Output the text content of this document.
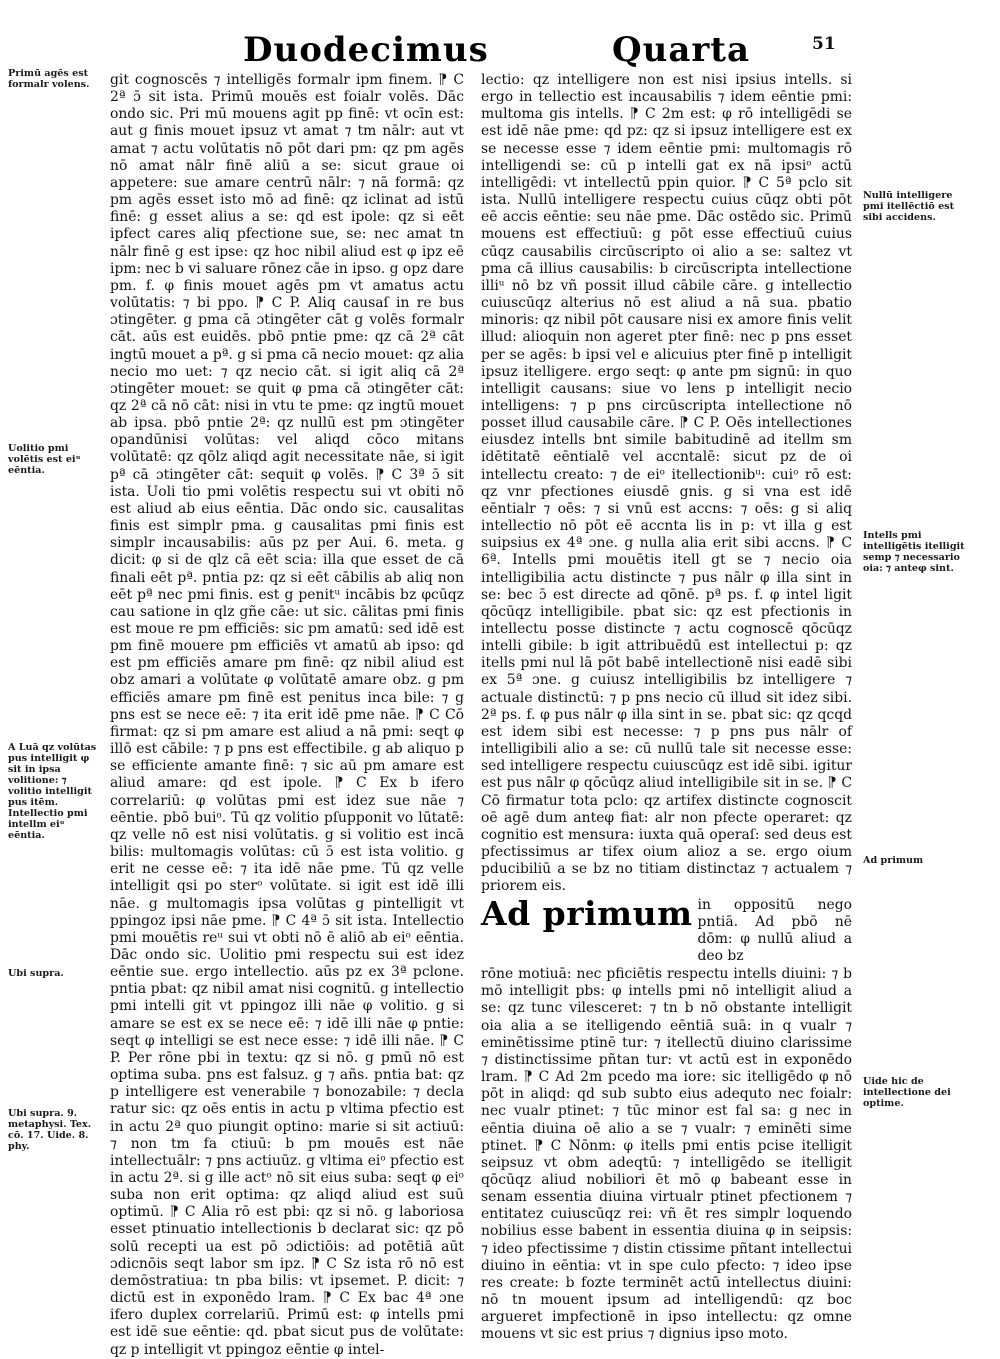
Duodecimus	Quarta	51
Primū agēs est formalr volens.
Uolitio pmi volētis est eiᵘ eēntia.
A Luā qz volūtas pus intelligit φ sit in ipsa volitione: ⁊ volitio intelligit pus itēm. Intellectio pmi intellm eiᵘ eēntia.
Ubi supra.
Ubi supra. 9. metaphysi. Tex. cō. 17. Uide. 8. phy.
Nullū intelligere pmi itellēctiō est sibi accidens.
Intells pmi intelligētis itelligit semp ⁊ necessario oia: ⁊ anteφ sint.
Ad primum
Uide hic de intellectione dei optime.

git cognoscēs ⁊ intelligēs formalr ipm finem. ⁋ C 2ª ɔ̄ sit ista. Primū mouēs est foialr volēs. Dāc ondo sic. Pri mū mouens agit pp finē: vt ocīn est: aut g finis mouet ipsuz vt amat ⁊ tm nālr: aut vt amat ⁊ actu volūtatis nō pōt dari pm: qz pm agēs nō amat nālr finē aliū a se: sicut graue oi appetere: sue amare centrū nālr: ⁊ nā formā: qz pm agēs esset isto mō ad finē: qz iclinat ad istū finē: g esset alius a se: qd est ipole: qz si eēt ipfect cares aliq pfectione sue, se: nec amat tn nālr finē g est ipse: qz hoc nibil aliud est φ ipz eē ipm: nec b vi saluare rōnez cāe in ipso. g opz dare pm. f. φ finis mouet agēs pm vt amatus actu volūtatis: ⁊ bi ppo. ⁋ C P. Aliq causaſ in re bus ɔtingēter. g pma cā ɔtingēter cāt g volēs formalr cāt. aūs est euidēs. pbō pntie pme: qz cā 2ª cāt ingtū mouet a pª. g si pma cā necio mouet: qz alia necio mo uet: ⁊ qz necio cāt. si igit aliq cā 2ª ɔtingēter mouet: se quit φ pma cā ɔtingēter cāt: qz 2ª cā nō cāt: nisi in vtu te pme: qz ingtū mouet ab ipsa. pbō pntie 2ª: qz nullū est pm ɔtingēter opandūnisi volūtas: vel aliqd cōco mitans volūtatē: qz qōlz aliqd agit necessitate nāe, si igit pª cā ɔtingēter cāt: sequit φ volēs. ⁋ C 3ª ɔ̄ sit ista. Uoli tio pmi volētis respectu sui vt obiti nō est aliud ab eius eēntia. Dāc ondo sic. causalitas finis est simplr pma. g causalitas pmi finis est simplr incausabilis: aūs pz per Aui. 6. meta. g dicit: φ si de qlz cā eēt scia: illa que esset de cā finali eēt pª. pntia pz: qz si eēt cābilis ab aliq non eēt pª nec pmi finis. est g penitᵘ incābis bz φcūqz cau satione in qlz gñe cāe: ut sic. cālitas pmi finis est moue re pm efficiēs: sic pm amatū: sed idē est pm finē mouere pm efficiēs vt amatū ab ipso: qd est pm efficiēs amare pm finē: qz nibil aliud est obz amari a volūtate φ volūtatē amare obz. g pm efficiēs amare pm finē est penitus inca bile: ⁊ g pns est se nece eē: ⁊ ita erit idē pme nāe. ⁋ C Cō firmat: qz si pm amare est aliud a nā pmi: seqt φ illō est cābile: ⁊ p pns est effectibile. g ab aliquo p se efficiente amante finē: ⁊ sic aū pm amare est aliud amare: qd est ipole. ⁋ C Ex b ifero correlariū: φ volūtas pmi est idez sue nāe ⁊ eēntie. pbō buiᵒ. Tū qz volitio pſupponit vo lūtatē: qz velle nō est nisi volūtatis. g si volitio est incā bilis: multomagis volūtas: cū ɔ̄ est ista volitio. g erit ne cesse eē: ⁊ ita idē nāe pme. Tū qz velle intelligit qsi po sterᵒ volūtate. si igit est idē illi nāe. g multomagis ipsa volūtas g pintelligit vt ppingoz ipsi nāe pme. ⁋ C 4ª ɔ̄ sit ista. Intellectio pmi mouētis reᵘ sui vt obti nō ē aliō ab eiᵒ eēntia. Dāc ondo sic. Uolitio pmi respectu sui est idez eēntie sue. ergo intellectio. aūs pz ex 3ª pclone. pntia pbat: qz nibil amat nisi cognitū. g intellectio pmi intelli git vt ppingoz illi nāe φ volitio. g si amare se est ex se nece eē: ⁊ idē illi nāe φ pntie: seqt φ intelligi se est nece esse: ⁊ idē illi nāe. ⁋ C P. Per rōne pbi in textu: qz si nō. g pmū nō est optima suba. pns est falsuz. g ⁊ añs. pntia bat: qz p intelligere est venerabile ⁊ bonozabile: ⁊ decla ratur sic: qz oēs entis in actu p vltima pfectio est in actu 2ª quo piungit optino: marie si sit actiuū: ⁊ non tm fa ctiuū: b pm mouēs est nāe intellectuālr: ⁊ pns actiuūz. g vltima eiᵒ pfectio est in actu 2ª. si g ille actᵒ nō sit eius suba: seqt φ eiᵒ suba non erit optima: qz aliqd aliud est suū optimū. ⁋ C Alia rō est pbi: qz si nō. g laboriosa esset ptinuatio intellectionis b declarat sic: qz pō solū recepti ua est pō ɔdictiōis: ad potētiā aūt ɔdicnōis seqt labor sm ipz. ⁋ C Sz ista rō nō est demōstratiua: tn pba bilis: vt ipsemet. P. dicit: ⁊ dictū est in exponēdo lram. ⁋ C Ex bac 4ª ɔne ifero duplex correlariū. Primū est: φ intells pmi est idē sue eēntie: qd. pbat sicut pus de volūtate: qz p intelligit vt ppingoz eēntie φ intel-

lectio: qz intelligere non est nisi ipsius intells. si ergo in tellectio est incausabilis ⁊ idem eēntie pmi: multoma gis intells. ⁋ C 2m est: φ rō intelligēdi se est idē nāe pme: qd pz: qz si ipsuz intelligere est ex se necesse esse ⁊ idem eēntie pmi: multomagis rō intelligendi se: cū p intelli gat ex nā ipsiᵒ actū intelligēdi: vt intellectū ppin quior. ⁋ C 5ª pclo sit ista. Nullū intelligere respectu cuius cūqz obti pōt eē accis eēntie: seu nāe pme. Dāc ostēdo sic. Primū mouens est effectiuū: g pōt esse effectiuū cuius cūqz causabilis circūscripto oi alio a se: saltez vt pma cā illius causabilis: b circūscripta intellectione illiᵘ nō bz vñ possit illud cābile cāre. g intellectio cuiuscūqz alterius nō est aliud a nā sua. pbatio minoris: qz nibil pōt causare nisi ex amore finis velit illud: alioquin non ageret pter finē: nec p pns esset per se agēs: b ipsi vel e alicuius pter finē p intelligit ipsuz itelligere. ergo seqt: φ ante pm signū: in quo intelligit causans: siue vo lens p intelligit necio intelligens: ⁊ p pns circūscripta intellectione nō posset illud causabile cāre. ⁋ C P. Oēs intellectiones eiusdez intells bnt simile babitudinē ad itellm sm idētitatē eēntialē vel accntalē: sicut pz de oi intellectu creato: ⁊ de eiᵒ itellectionibᵘ: cuiᵒ rō est: qz vnr pfectiones eiusdē gnis. g si vna est idē eēntialr ⁊ oēs: ⁊ si vnū est accns: ⁊ oēs: g si aliq intellectio nō pōt eē accnta lis in p: vt illa g est suipsius ex 4ª ɔne. g nulla alia erit sibi accns. ⁋ C 6ª. Intells pmi mouētis itell gt se ⁊ necio oia intelligibilia actu distincte ⁊ pus nālr φ illa sint in se: bec ɔ̄ est directe ad qōnē. pª ps. f. φ intel ligit qōcūqz intelligibile. pbat sic: qz est pfectionis in intellectu posse distincte ⁊ actu cognoscē qōcūqz intelli gibile: b igit attribuēdū est intellectui p: qz itells pmi nul lā pōt babē intellectionē nisi eadē sibi ex 5ª ɔne. g cuiusz intelligibilis bz intelligere ⁊ actuale distinctū: ⁊ p pns necio cū illud sit idez sibi. 2ª ps. f. φ pus nālr φ illa sint in se. pbat sic: qz qcqd est idem sibi est necesse: ⁊ p pns pus nālr of intelligibili alio a se: cū nullū tale sit necesse esse: sed intelligere respectu cuiuscūqz est idē sibi. igitur est pus nālr φ qōcūqz aliud intelligibile sit in se. ⁋ C Cō firmatur tota pclo: qz artifex distincte cognoscit oē agē dum anteφ fiat: alr non pfecte operaret: qz cognitio est mensura: iuxta quā operaſ: sed deus est pfectissimus ar tifex oium alioz a se. ergo oium pducibiliū a se bz no titiam distinctaz ⁊ actualem ⁊ priorem eis.

Ad primum in oppositū nego pntiā. Ad pbō nē dōm: φ nullū aliud a deo bz

rōne motiuā: nec pficiētis respectu intells diuini: ⁊ b mō intelligit pbs: φ intells pmi nō intelligit aliud a se: qz tunc vilesceret: ⁊ tn b nō obstante intelligit oia alia a se itelligendo eēntiā suā: in q vualr ⁊ eminētissime ptinē tur: ⁊ itellectū diuino clarissime ⁊ distinctissime pñtan tur: vt actū est in exponēdo lram. ⁋ C Ad 2m pcedo ma iore: sic itelligēdo φ nō pōt in aliqd: qd sub subto eius adequto nec foialr: nec vualr ptinet: ⁊ tūc minor est fal sa: g nec in eēntia diuina oē alio a se ⁊ vualr: ⁊ eminēti sime ptinet. ⁋ C Nōnm: φ itells pmi entis pcise itelligit seipsuz vt obm adeqtū: ⁊ intelligēdo se itelligit qōcūqz aliud nobiliori ēt mō φ babeant esse in senam essentia diuina virtualr ptinet pfectionem ⁊ entitatez cuiuscūqz rei: vñ ēt res simplr loquendo nobilius esse babent in essentia diuina φ in seipsis: ⁊ ideo pfectissime ⁊ distin ctissime pñtant intellectui diuino in eēntia: vt in spe culo pfecto: ⁊ ideo ipse res create: b fozte terminēt actū intellectus diuini: nō tn mouent ipsum ad intelligendū: qz boc argueret impfectionē in ipso intellectu: qz omne mouens vt sic est prius ⁊ dignius ipso moto.
